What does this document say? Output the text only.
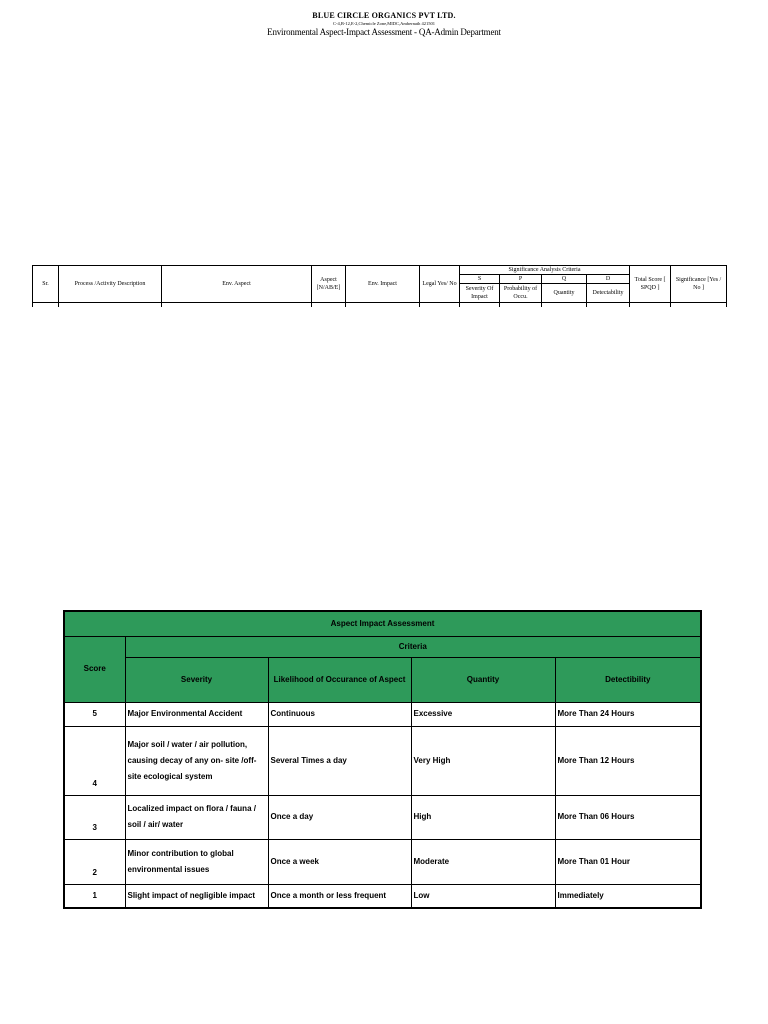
BLUE CIRCLE ORGANICS PVT LTD.
C-4,B-12,E-2,Chemicle Zone,MIDC,Ambernath 421501
Environmental Aspect-Impact Assessment - QA-Admin Department
Sr.	Process /Activity Description	Env. Aspect	Aspect [N/AB/E]	Env. Impact	Legal Yes/ No	Significance Analysis Criteria				Total Score [ SPQD ]	Significance [Yes / No ]
						S	P	Q	D		
						Severity Of Impact	Probability of Occu.	Quantity	Detectability		

Aspect Impact Assessment				
Score	Criteria			
	Severity	Likelihood of Occurance of Aspect	Quantity	Detectibility
5	Major Environmental Accident	Continuous	Excessive	More Than 24 Hours
4	Major soil / water / air pollution, causing decay of any on- site /off-site ecological system	Several Times a day	Very High	More Than 12 Hours
3	Localized impact on flora / fauna / soil / air/ water	Once a day	High	More Than 06 Hours
2	Minor contribution to global environmental issues	Once a week	Moderate	More Than 01 Hour
1	Slight impact of negligible impact	Once a month or less frequent	Low	Immediately
